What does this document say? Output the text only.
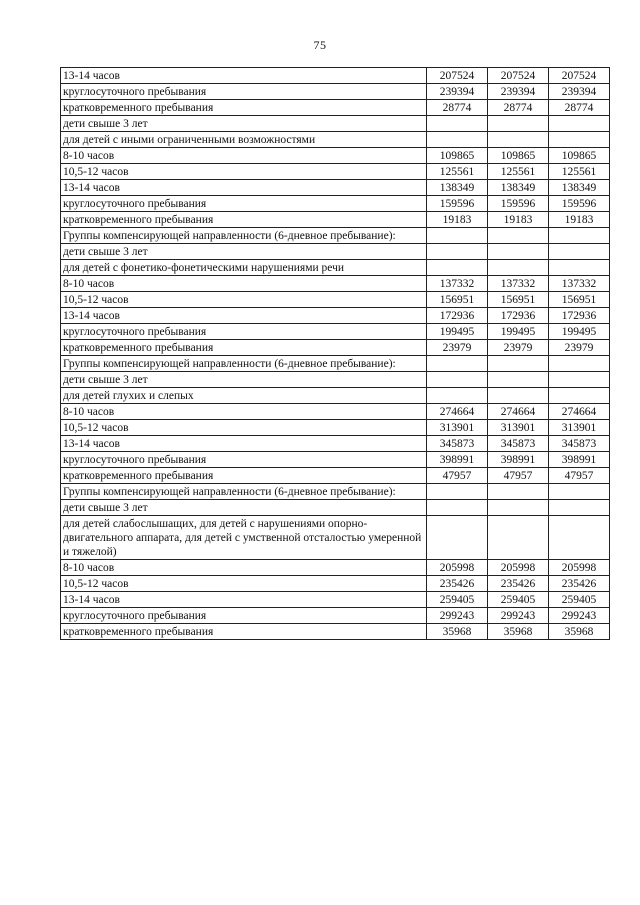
75
13-14 часов	207524	207524	207524
круглосуточного пребывания	239394	239394	239394
кратковременного пребывания	28774	28774	28774
дети свыше 3 лет			
для детей с иными ограниченными возможностями			
8-10 часов	109865	109865	109865
10,5-12 часов	125561	125561	125561
13-14 часов	138349	138349	138349
круглосуточного пребывания	159596	159596	159596
кратковременного пребывания	19183	19183	19183
Группы компенсирующей направленности (6-дневное пребывание):			
дети свыше 3 лет			
для детей с фонетико-фонетическими нарушениями речи			
8-10 часов	137332	137332	137332
10,5-12 часов	156951	156951	156951
13-14 часов	172936	172936	172936
круглосуточного пребывания	199495	199495	199495
кратковременного пребывания	23979	23979	23979
Группы компенсирующей направленности (6-дневное пребывание):			
дети свыше 3 лет			
для детей глухих и слепых			
8-10 часов	274664	274664	274664
10,5-12 часов	313901	313901	313901
13-14 часов	345873	345873	345873
круглосуточного пребывания	398991	398991	398991
кратковременного пребывания	47957	47957	47957
Группы компенсирующей направленности (6-дневное пребывание):			
дети свыше 3 лет			
для детей слабослышащих, для детей с нарушениями опорно-двигательного аппарата, для детей с умственной отсталостью умеренной и тяжелой)			
8-10 часов	205998	205998	205998
10,5-12 часов	235426	235426	235426
13-14 часов	259405	259405	259405
круглосуточного пребывания	299243	299243	299243
кратковременного пребывания	35968	35968	35968
